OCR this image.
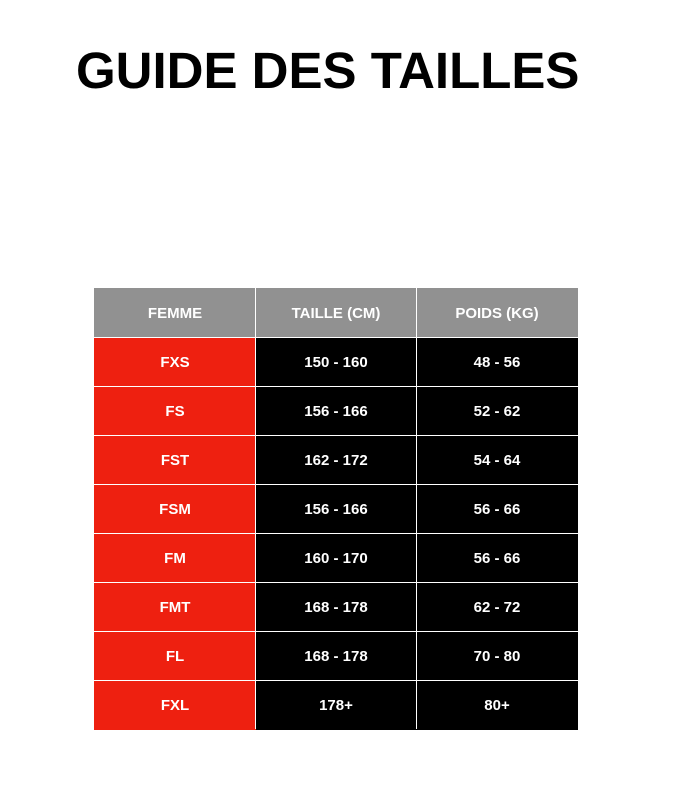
GUIDE DES TAILLES
FEMME	TAILLE (CM)	POIDS (KG)
FXS	150 - 160	48 - 56
FS	156 - 166	52 - 62
FST	162 - 172	54 - 64
FSM	156 - 166	56 - 66
FM	160 - 170	56 - 66
FMT	168 - 178	62 - 72
FL	168 - 178	70 - 80
FXL	178+	80+
